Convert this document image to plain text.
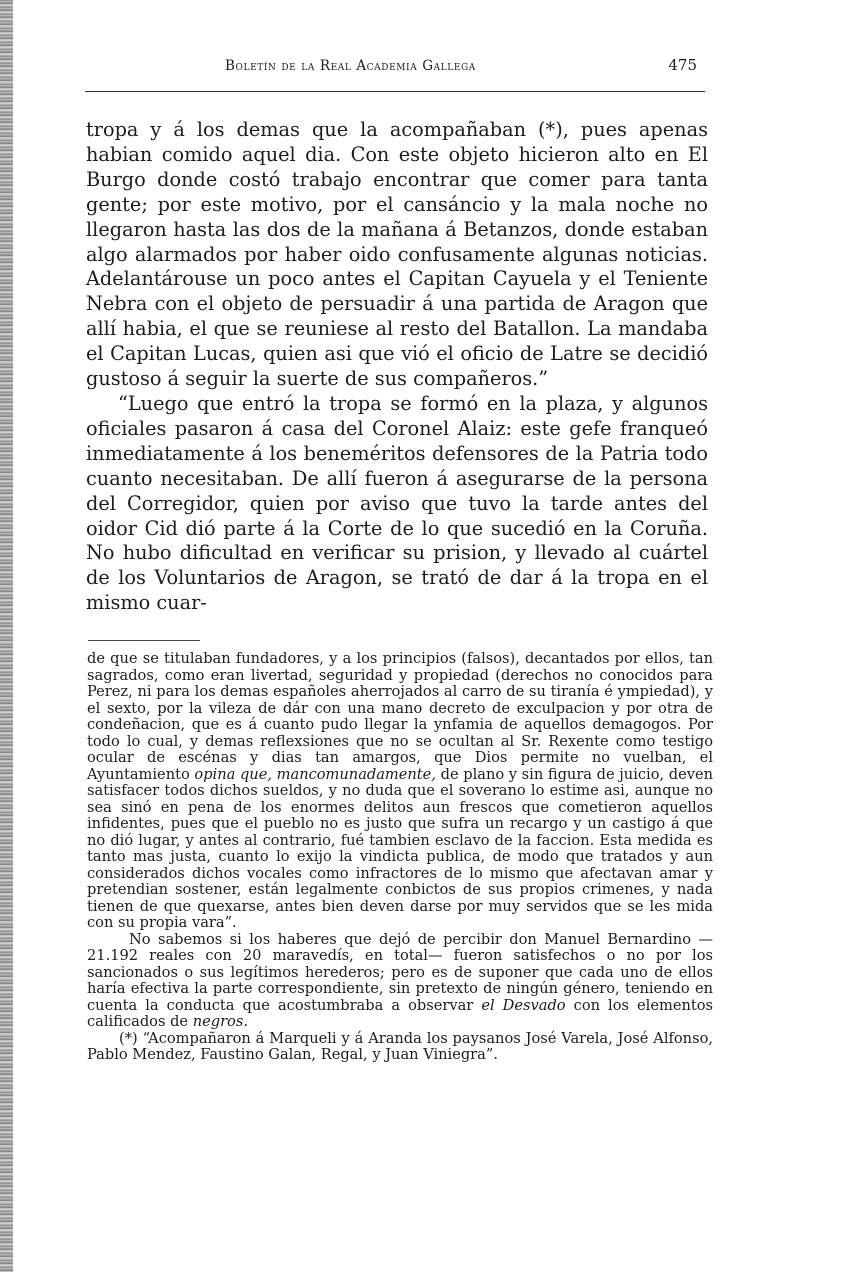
Boletín de la Real Academia Gallega	475

tropa y á los demas que la acompañaban (*), pues apenas habian comido aquel dia. Con este objeto hicieron alto en El Burgo donde costó trabajo encontrar que comer para tanta gente; por este motivo, por el cansáncio y la mala noche no llegaron hasta las dos de la mañana á Betanzos, donde estaban algo alarmados por haber oido confusamente algunas noticias. Adelantárouse un poco antes el Capitan Cayuela y el Teniente Nebra con el objeto de persuadir á una partida de Aragon que allí habia, el que se reuniese al resto del Batallon. La mandaba el Capitan Lucas, quien asi que vió el oficio de Latre se decidió gustoso á seguir la suerte de sus compañeros.”

“Luego que entró la tropa se formó en la plaza, y algunos oficiales pasaron á casa del Coronel Alaiz: este gefe franqueó inmediatamente á los beneméritos defensores de la Patria todo cuanto necesitaban. De allí fueron á asegurarse de la persona del Corregidor, quien por aviso que tuvo la tarde antes del oidor Cid dió parte á la Corte de lo que sucedió en la Coruña. No hubo dificultad en verificar su prision, y llevado al cuártel de los Voluntarios de Aragon, se trató de dar á la tropa en el mismo cuar-

de que se titulaban fundadores, y a los principios (falsos), decantados por ellos, tan sagrados, como eran livertad, seguridad y propiedad (derechos no conocidos para Perez, ni para los demas españoles aherrojados al carro de su tiranía é ympiedad), y el sexto, por la vileza de dár con una mano decreto de exculpacion y por otra de condeñacion, que es á cuanto pudo llegar la ynfamia de aquellos demagogos. Por todo lo cual, y demas reflexsiones que no se ocultan al Sr. Rexente como testigo ocular de escénas y dias tan amargos, que Dios permite no vuelban, el Ayuntamiento opina que, mancomunadamente, de plano y sin figura de juicio, deven satisfacer todos dichos sueldos, y no duda que el soverano lo estime asi, aunque no sea sinó en pena de los enormes delitos aun frescos que cometieron aquellos infidentes, pues que el pueblo no es justo que sufra un recargo y un castigo á que no dió lugar, y antes al contrario, fué tambien esclavo de la faccion. Esta medida es tanto mas justa, cuanto lo exijo la vindicta publica, de modo que tratados y aun considerados dichos vocales como infractores de lo mismo que afectavan amar y pretendian sostener, están legalmente conbictos de sus propios crimenes, y nada tienen de que quexarse, antes bien deven darse por muy servidos que se les mida con su propia vara”.

No sabemos si los haberes que dejó de percibir don Manuel Bernardino —21.192 reales con 20 maravedís, en total— fueron satisfechos o no por los sancionados o sus legítimos herederos; pero es de suponer que cada uno de ellos haría efectiva la parte correspondiente, sin pretexto de ningún género, teniendo en cuenta la conducta que acostumbraba a observar el Desvado con los elementos calificados de negros.

(*) “Acompañaron á Marqueli y á Aranda los paysanos José Varela, José Alfonso, Pablo Mendez, Faustino Galan, Regal, y Juan Viniegra”.
